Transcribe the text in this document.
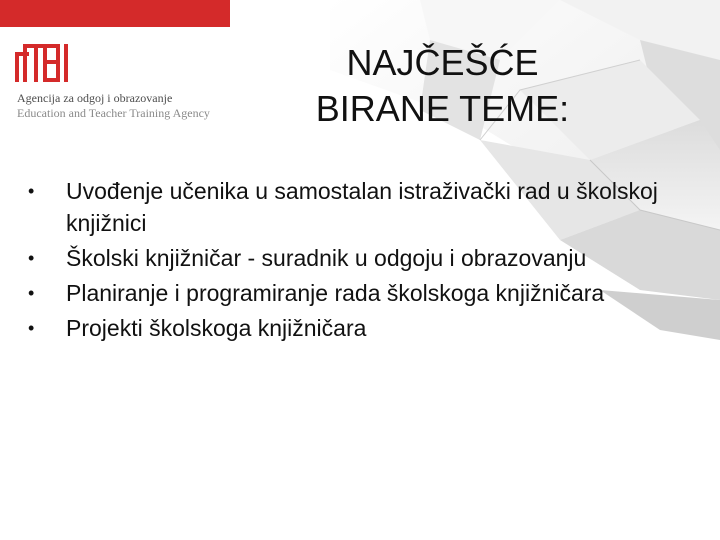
Agencija za odgoj i obrazovanje
Education and Teacher Training Agency
NAJČEŠĆE
BIRANE TEME:
• Uvođenje učenika u samostalan istraživački rad u školskoj knjižnici
• Školski knjižničar - suradnik u odgoju i obrazovanju
• Planiranje i programiranje rada školskoga knjižničara
• Projekti školskoga knjižničara
